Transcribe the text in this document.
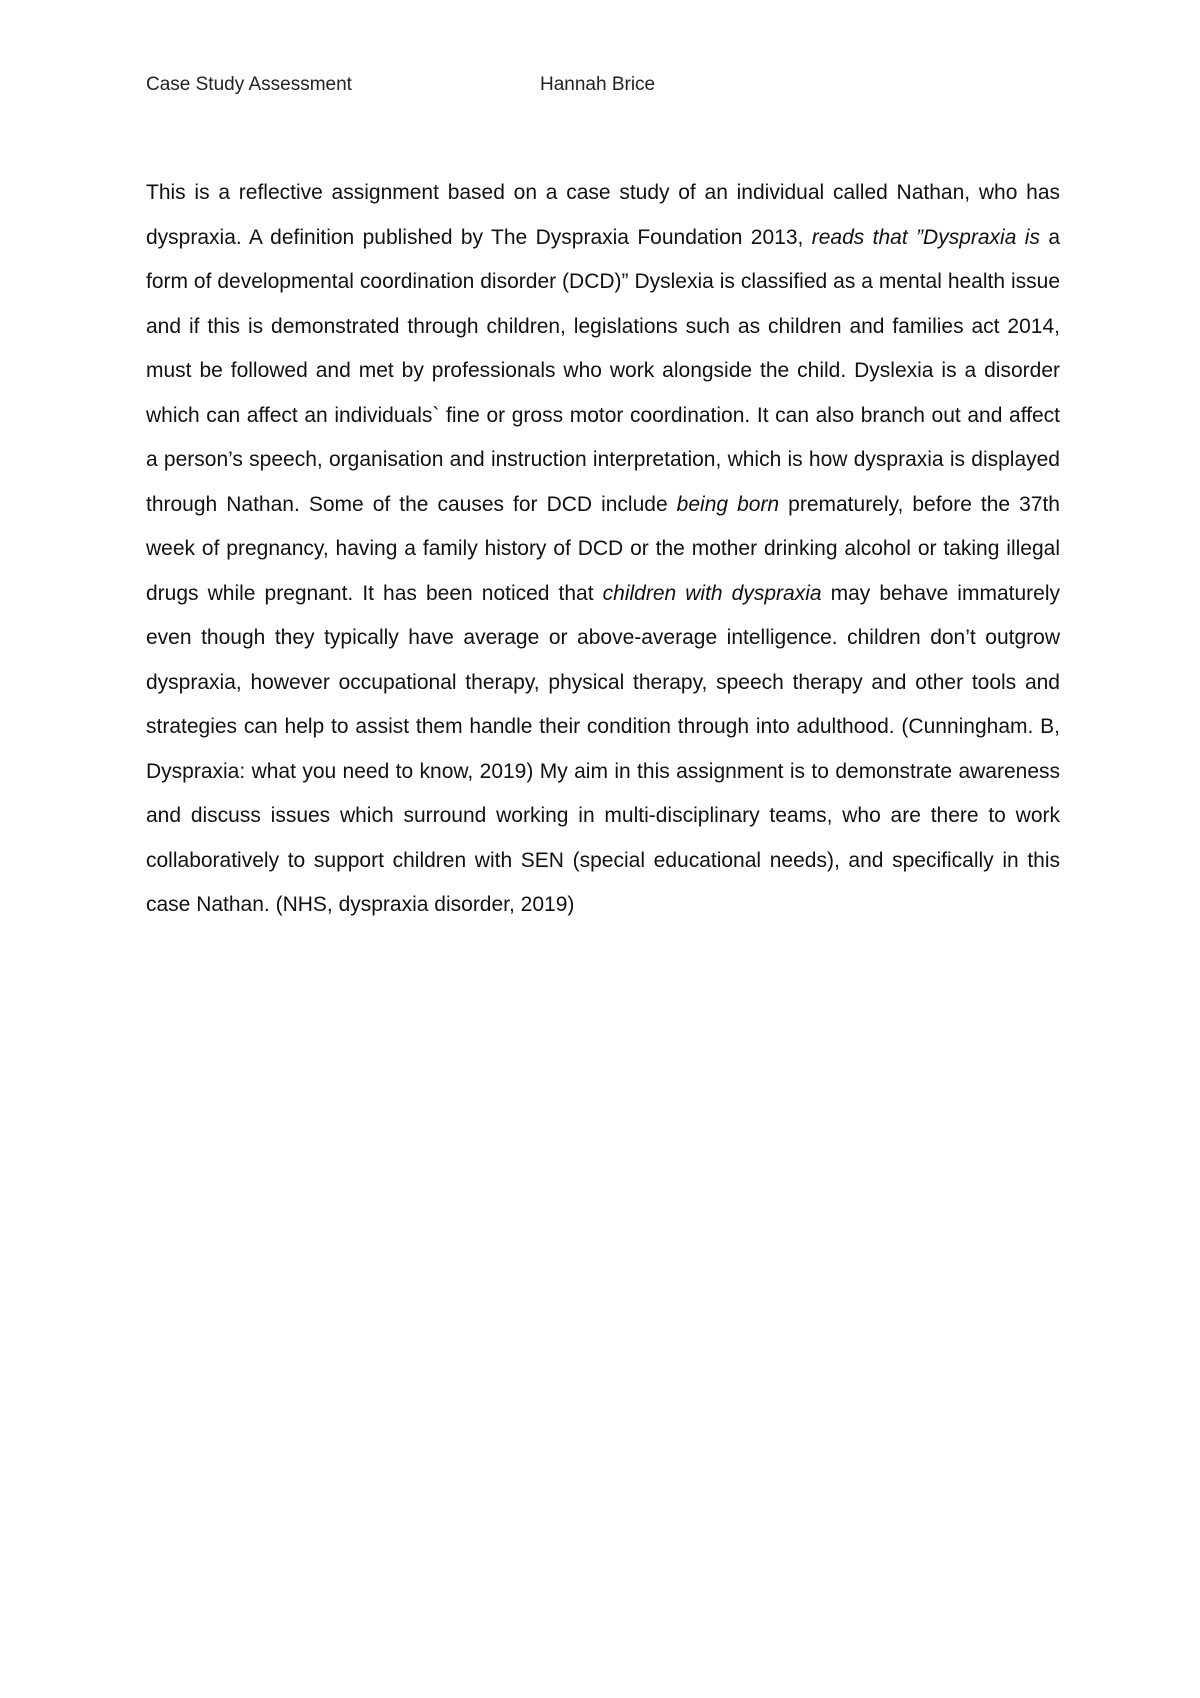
Case Study Assessment	Hannah Brice

This is a reflective assignment based on a case study of an individual called Nathan, who has dyspraxia. A definition published by The Dyspraxia Foundation 2013, reads that ”Dyspraxia is a form of developmental coordination disorder (DCD)” Dyslexia is classified as a mental health issue and if this is demonstrated through children, legislations such as children and families act 2014, must be followed and met by professionals who work alongside the child. Dyslexia is a disorder which can affect an individuals` fine or gross motor coordination. It can also branch out and affect a person’s speech, organisation and instruction interpretation, which is how dyspraxia is displayed through Nathan. Some of the causes for DCD include being born prematurely, before the 37th week of pregnancy, having a family history of DCD or the mother drinking alcohol or taking illegal drugs while pregnant. It has been noticed that children with dyspraxia may behave immaturely even though they typically have average or above-average intelligence. children don’t outgrow dyspraxia, however occupational therapy, physical therapy, speech therapy and other tools and strategies can help to assist them handle their condition through into adulthood. (Cunningham. B, Dyspraxia: what you need to know, 2019) My aim in this assignment is to demonstrate awareness and discuss issues which surround working in multi-disciplinary teams, who are there to work collaboratively to support children with SEN (special educational needs), and specifically in this case Nathan. (NHS, dyspraxia disorder, 2019)
